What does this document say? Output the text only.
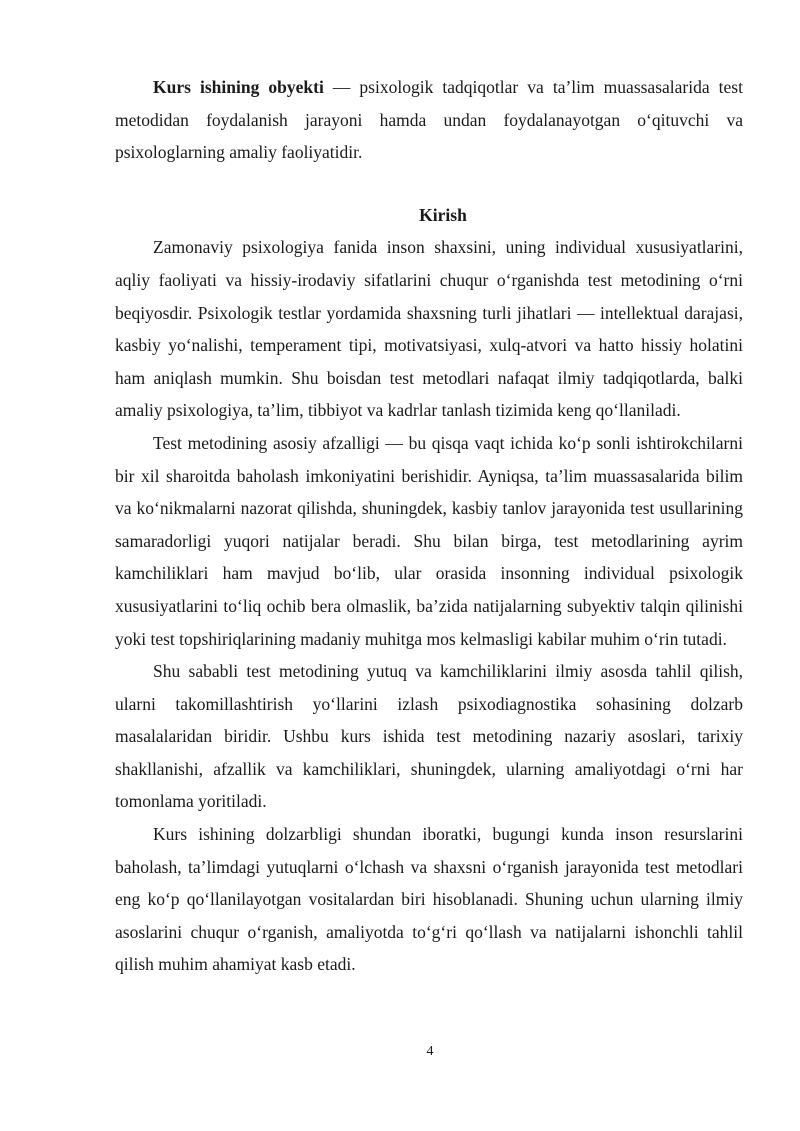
Kurs ishining obyekti — psixologik tadqiqotlar va ta’lim muassasalarida test metodidan foydalanish jarayoni hamda undan foydalanayotgan o‘qituvchi va psixologlarning amaliy faoliyatidir.

Kirish

Zamonaviy psixologiya fanida inson shaxsini, uning individual xususiyatlarini, aqliy faoliyati va hissiy-irodaviy sifatlarini chuqur o‘rganishda test metodining o‘rni beqiyosdir. Psixologik testlar yordamida shaxsning turli jihatlari — intellektual darajasi, kasbiy yo‘nalishi, temperament tipi, motivatsiyasi, xulq-atvori va hatto hissiy holatini ham aniqlash mumkin. Shu boisdan test metodlari nafaqat ilmiy tadqiqotlarda, balki amaliy psixologiya, ta’lim, tibbiyot va kadrlar tanlash tizimida keng qo‘llaniladi.

Test metodining asosiy afzalligi — bu qisqa vaqt ichida ko‘p sonli ishtirokchilarni bir xil sharoitda baholash imkoniyatini berishidir. Ayniqsa, ta’lim muassasalarida bilim va ko‘nikmalarni nazorat qilishda, shuningdek, kasbiy tanlov jarayonida test usullarining samaradorligi yuqori natijalar beradi. Shu bilan birga, test metodlarining ayrim kamchiliklari ham mavjud bo‘lib, ular orasida insonning individual psixologik xususiyatlarini to‘liq ochib bera olmaslik, ba’zida natijalarning subyektiv talqin qilinishi yoki test topshiriqlarining madaniy muhitga mos kelmasligi kabilar muhim o‘rin tutadi.

Shu sababli test metodining yutuq va kamchiliklarini ilmiy asosda tahlil qilish, ularni takomillashtirish yo‘llarini izlash psixodiagnostika sohasining dolzarb masalalaridan biridir. Ushbu kurs ishida test metodining nazariy asoslari, tarixiy shakllanishi, afzallik va kamchiliklari, shuningdek, ularning amaliyotdagi o‘rni har tomonlama yoritiladi.

Kurs ishining dolzarbligi shundan iboratki, bugungi kunda inson resurslarini baholash, ta’limdagi yutuqlarni o‘lchash va shaxsni o‘rganish jarayonida test metodlari eng ko‘p qo‘llanilayotgan vositalardan biri hisoblanadi. Shuning uchun ularning ilmiy asoslarini chuqur o‘rganish, amaliyotda to‘g‘ri qo‘llash va natijalarni ishonchli tahlil qilish muhim ahamiyat kasb etadi.

4
